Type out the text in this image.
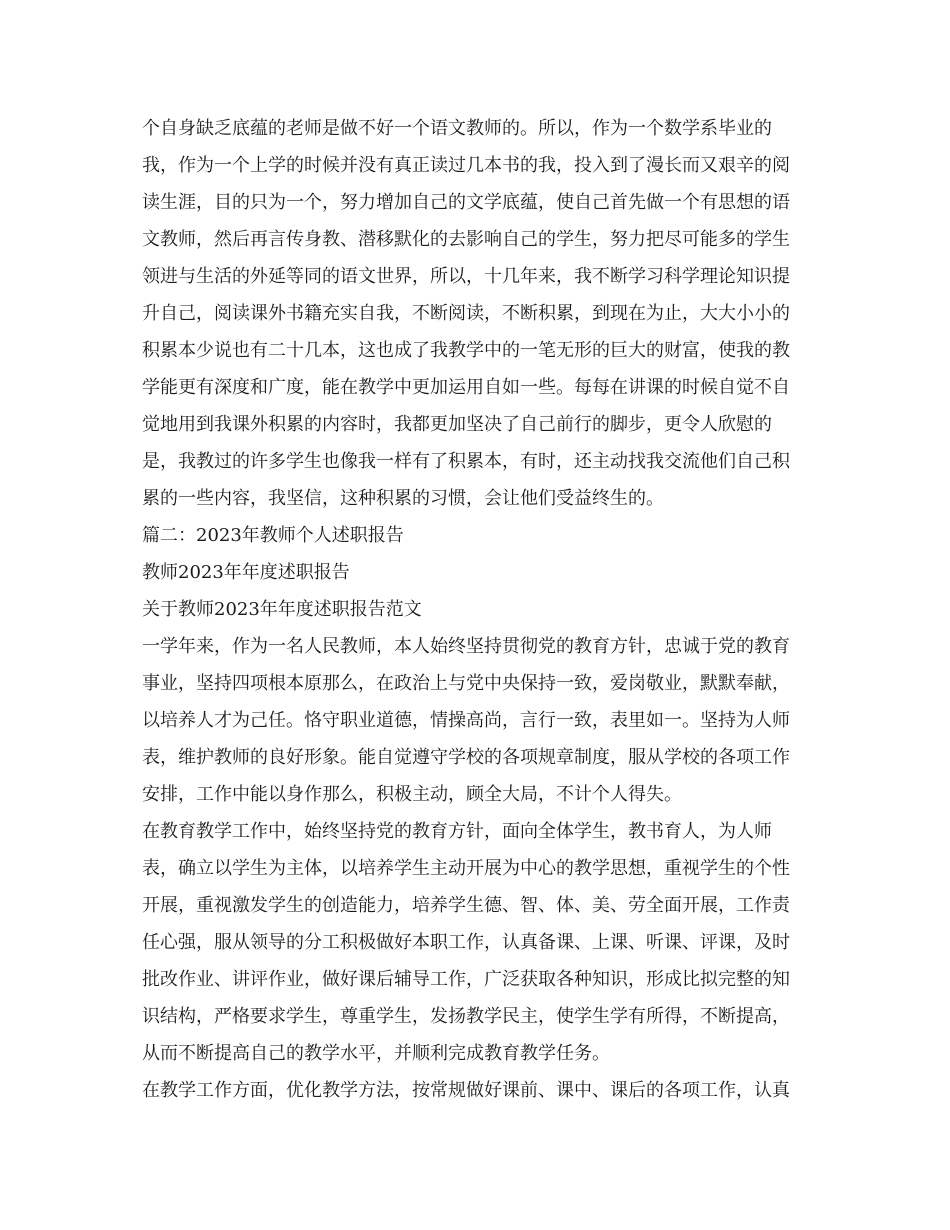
个自身缺乏底蕴的老师是做不好一个语文教师的。所以，作为一个数学系毕业的
我，作为一个上学的时候并没有真正读过几本书的我，投入到了漫长而又艰辛的阅
读生涯，目的只为一个，努力增加自己的文学底蕴，使自己首先做一个有思想的语
文教师，然后再言传身教、潜移默化的去影响自己的学生，努力把尽可能多的学生
领进与生活的外延等同的语文世界，所以，十几年来，我不断学习科学理论知识提
升自己，阅读课外书籍充实自我，不断阅读，不断积累，到现在为止，大大小小的
积累本少说也有二十几本，这也成了我教学中的一笔无形的巨大的财富，使我的教
学能更有深度和广度，能在教学中更加运用自如一些。每每在讲课的时候自觉不自
觉地用到我课外积累的内容时，我都更加坚决了自己前行的脚步，更令人欣慰的
是，我教过的许多学生也像我一样有了积累本，有时，还主动找我交流他们自己积
累的一些内容，我坚信，这种积累的习惯，会让他们受益终生的。
篇二：2023年教师个人述职报告
教师2023年年度述职报告
关于教师2023年年度述职报告范文
一学年来，作为一名人民教师，本人始终坚持贯彻党的教育方针，忠诚于党的教育
事业，坚持四项根本原那么，在政治上与党中央保持一致，爱岗敬业，默默奉献，
以培养人才为己任。恪守职业道德，情操高尚，言行一致，表里如一。坚持为人师
表，维护教师的良好形象。能自觉遵守学校的各项规章制度，服从学校的各项工作
安排，工作中能以身作那么，积极主动，顾全大局，不计个人得失。
在教育教学工作中，始终坚持党的教育方针，面向全体学生，教书育人，为人师
表，确立以学生为主体，以培养学生主动开展为中心的教学思想，重视学生的个性
开展，重视激发学生的创造能力，培养学生德、智、体、美、劳全面开展，工作责
任心强，服从领导的分工积极做好本职工作，认真备课、上课、听课、评课，及时
批改作业、讲评作业，做好课后辅导工作，广泛获取各种知识，形成比拟完整的知
识结构，严格要求学生，尊重学生，发扬教学民主，使学生学有所得，不断提高，
从而不断提高自己的教学水平，并顺利完成教育教学任务。
在教学工作方面，优化教学方法，按常规做好课前、课中、课后的各项工作，认真
